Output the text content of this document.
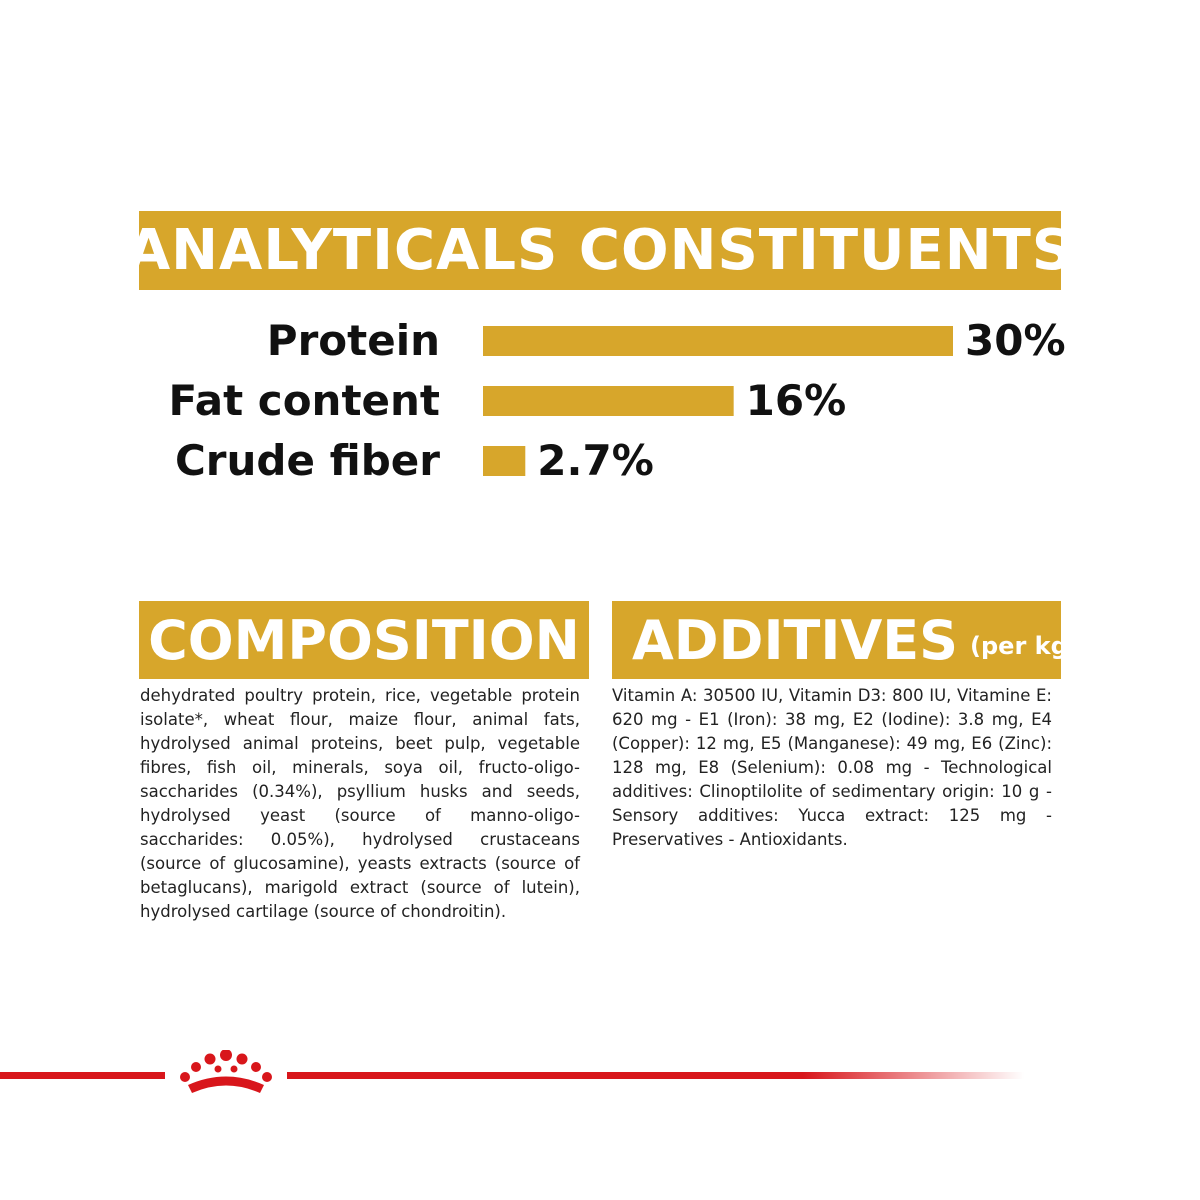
ANALYTICALS CONSTITUENTS
Protein	30%
Fat content	16%
Crude fiber 2.7%
COMPOSITION

dehydrated poultry protein, rice, vegetable protein isolate*, wheat flour, maize flour, animal fats, hydrolysed animal proteins, beet pulp, vegetable fibres, fish oil, minerals, soya oil, fructo-oligo-saccharides (0.34%), psyllium husks and seeds, hydrolysed yeast (source of manno-oligo-saccharides: 0.05%), hydrolysed crustaceans (source of glucosamine), yeasts extracts (source of betaglucans), marigold extract (source of lutein), hydrolysed cartilage (source of chondroitin).

ADDITIVES (per kg)

Vitamin A: 30500 IU, Vitamin D3: 800 IU, Vitamine E: 620 mg - E1 (Iron): 38 mg, E2 (Iodine): 3.8 mg, E4 (Copper): 12 mg, E5 (Manganese): 49 mg, E6 (Zinc): 128 mg, E8 (Selenium): 0.08 mg - Technological additives: Clinoptilolite of sedimentary origin: 10 g - Sensory additives: Yucca extract: 125 mg - Preservatives - Antioxidants.
